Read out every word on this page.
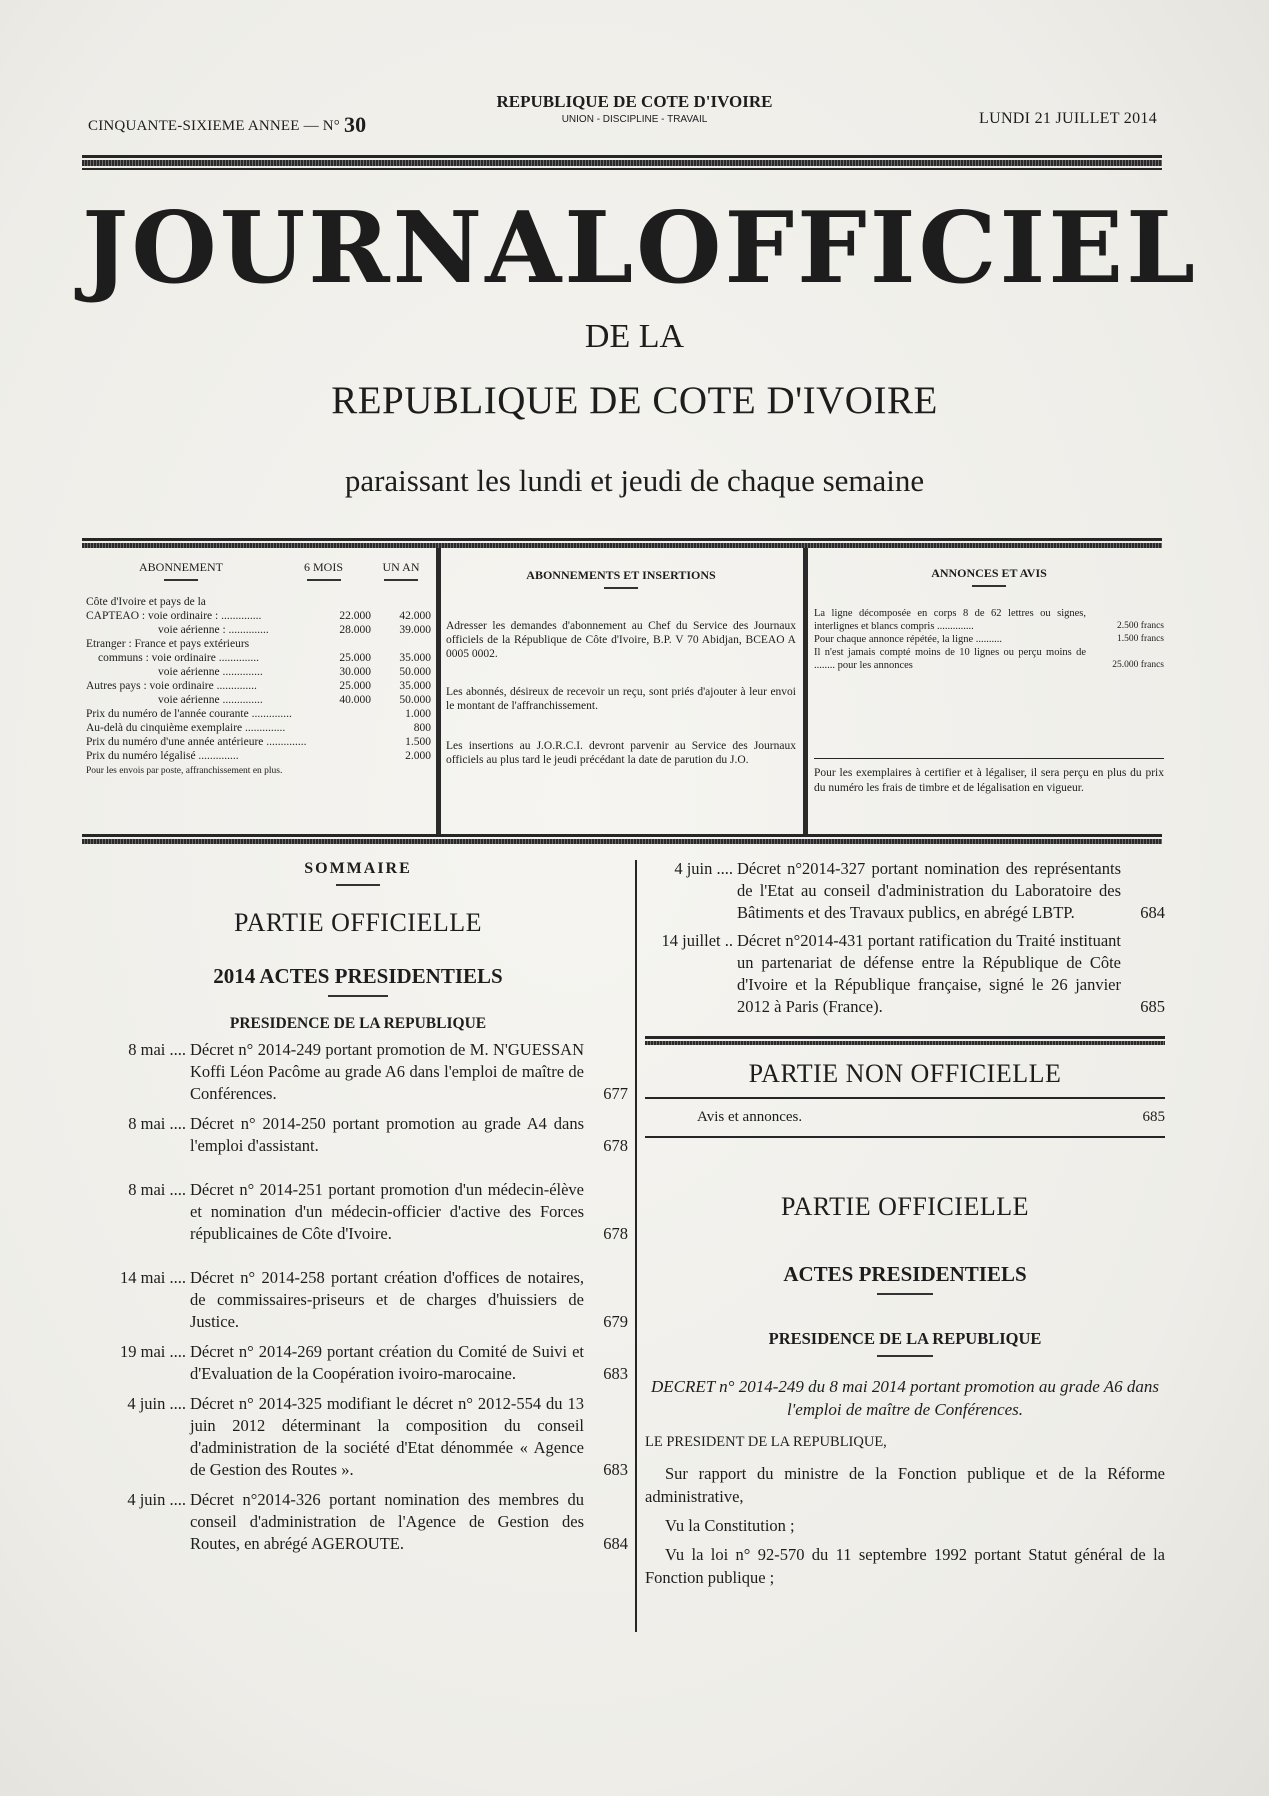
CINQUANTE-SIXIEME ANNEE — N° 30
REPUBLIQUE DE COTE D'IVOIRE
UNION - DISCIPLINE - TRAVAIL	LUNDI 21 JUILLET 2014
JOURNAL OFFICIEL
DE LA
REPUBLIQUE DE COTE D'IVOIRE
paraissant les lundi et jeudi de chaque semaine
ABONNEMENT	6 MOIS	UN AN
Côte d'Ivoire et pays de la
CAPTEAO : voie ordinaire : ..............	22.000	42.000
voie aérienne : ..............	28.000	39.000
Etranger : France et pays extérieurs
communs : voie ordinaire ..............	25.000	35.000
voie aérienne ..............	30.000	50.000
Autres pays : voie ordinaire ..............	25.000	35.000
voie aérienne ..............	40.000	50.000
Prix du numéro de l'année courante ..............	1.000
Au-delà du cinquième exemplaire ..............	800
Prix du numéro d'une année antérieure ..............	1.500
Prix du numéro légalisé ..............	2.000
Pour les envois par poste, affranchissement en plus.
ABONNEMENTS ET INSERTIONS
Adresser les demandes d'abonnement au Chef du Service des Journaux officiels de la République de Côte d'Ivoire, B.P. V 70 Abidjan, BCEAO A 0005 0002.
Les abonnés, désireux de recevoir un reçu, sont priés d'ajouter à leur envoi le montant de l'affranchissement.
Les insertions au J.O.R.C.I. devront parvenir au Service des Journaux officiels au plus tard le jeudi précédant la date de parution du J.O.
ANNONCES ET AVIS
La ligne décomposée en corps 8 de 62 lettres ou signes, interlignes et blancs compris ..............	2.500 francs
Pour chaque annonce répétée, la ligne ..........	1.500 francs
Il n'est jamais compté moins de 10 lignes ou perçu moins de ........ pour les annonces	25.000 francs
Pour les exemplaires à certifier et à légaliser, il sera perçu en plus du prix du numéro les frais de timbre et de légalisation en vigueur.
SOMMAIRE
PARTIE OFFICIELLE
2014 ACTES PRESIDENTIELS
PRESIDENCE DE LA REPUBLIQUE
8 mai .... Décret n° 2014-249 portant promotion de M. N'GUESSAN Koffi Léon Pacôme au grade A6 dans l'emploi de maître de Conférences.	677
8 mai .... Décret n° 2014-250 portant promotion au grade A4 dans l'emploi d'assistant.	678
8 mai .... Décret n° 2014-251 portant promotion d'un médecin-élève et nomination d'un médecin-officier d'active des Forces républicaines de Côte d'Ivoire.	678
14 mai .... Décret n° 2014-258 portant création d'offices de notaires, de commissaires-priseurs et de charges d'huissiers de Justice.	679
19 mai .... Décret n° 2014-269 portant création du Comité de Suivi et d'Evaluation de la Coopération ivoiro-marocaine.	683
4 juin .... Décret n° 2014-325 modifiant le décret n° 2012-554 du 13 juin 2012 déterminant la composition du conseil d'administration de la société d'Etat dénommée « Agence de Gestion des Routes ».	683
4 juin .... Décret n°2014-326 portant nomination des membres du conseil d'administration de l'Agence de Gestion des Routes, en abrégé AGEROUTE.	684
4 juin .... Décret n°2014-327 portant nomination des représentants de l'Etat au conseil d'administration du Laboratoire des Bâtiments et des Travaux publics, en abrégé LBTP.	684
14 juillet .. Décret n°2014-431 portant ratification du Traité instituant un partenariat de défense entre la République de Côte d'Ivoire et la République française, signé le 26 janvier 2012 à Paris (France).	685
PARTIE NON OFFICIELLE
Avis et annonces.	685
PARTIE OFFICIELLE
ACTES PRESIDENTIELS
PRESIDENCE DE LA REPUBLIQUE
DECRET n° 2014-249 du 8 mai 2014 portant promotion au grade A6 dans l'emploi de maître de Conférences.
LE PRESIDENT DE LA REPUBLIQUE,
Sur rapport du ministre de la Fonction publique et de la Réforme administrative,
Vu la Constitution ;
Vu la loi n° 92-570 du 11 septembre 1992 portant Statut général de la Fonction publique ;
